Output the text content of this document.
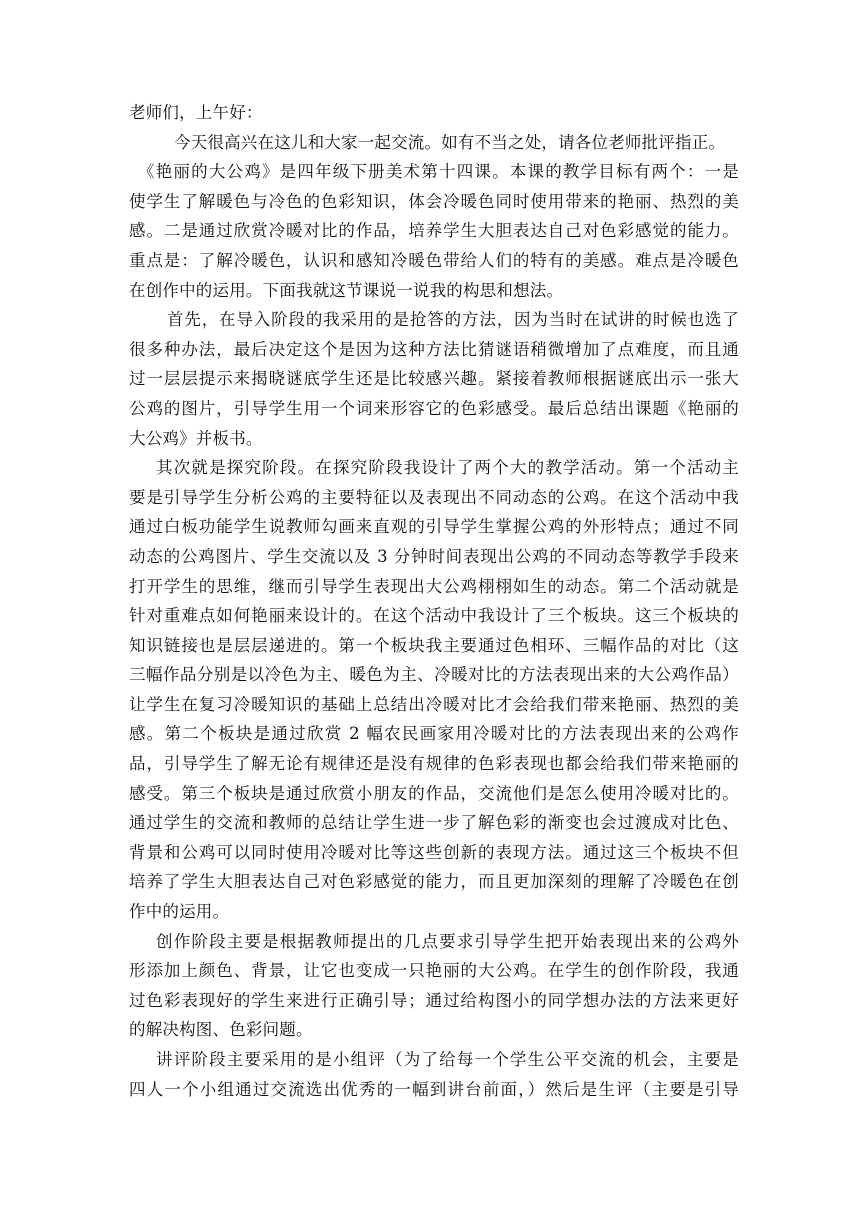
老师们，上午好：
今天很高兴在这儿和大家一起交流。如有不当之处，请各位老师批评指正。
《艳丽的大公鸡》是四年级下册美术第十四课。本课的教学目标有两个：一是
使学生了解暖色与冷色的色彩知识，体会冷暖色同时使用带来的艳丽、热烈的美
感。二是通过欣赏冷暖对比的作品，培养学生大胆表达自己对色彩感觉的能力。
重点是：了解冷暖色，认识和感知冷暖色带给人们的特有的美感。难点是冷暖色
在创作中的运用。下面我就这节课说一说我的构思和想法。
首先，在导入阶段的我采用的是抢答的方法，因为当时在试讲的时候也选了
很多种办法，最后决定这个是因为这种方法比猜谜语稍微增加了点难度，而且通
过一层层提示来揭晓谜底学生还是比较感兴趣。紧接着教师根据谜底出示一张大
公鸡的图片，引导学生用一个词来形容它的色彩感受。最后总结出课题《艳丽的
大公鸡》并板书。
其次就是探究阶段。在探究阶段我设计了两个大的教学活动。第一个活动主
要是引导学生分析公鸡的主要特征以及表现出不同动态的公鸡。在这个活动中我
通过白板功能学生说教师勾画来直观的引导学生掌握公鸡的外形特点；通过不同
动态的公鸡图片、学生交流以及 3 分钟时间表现出公鸡的不同动态等教学手段来
打开学生的思维，继而引导学生表现出大公鸡栩栩如生的动态。第二个活动就是
针对重难点如何艳丽来设计的。在这个活动中我设计了三个板块。这三个板块的
知识链接也是层层递进的。第一个板块我主要通过色相环、三幅作品的对比（这
三幅作品分别是以冷色为主、暖色为主、冷暖对比的方法表现出来的大公鸡作品）
让学生在复习冷暖知识的基础上总结出冷暖对比才会给我们带来艳丽、热烈的美
感。第二个板块是通过欣赏 2 幅农民画家用冷暖对比的方法表现出来的公鸡作
品，引导学生了解无论有规律还是没有规律的色彩表现也都会给我们带来艳丽的
感受。第三个板块是通过欣赏小朋友的作品，交流他们是怎么使用冷暖对比的。
通过学生的交流和教师的总结让学生进一步了解色彩的渐变也会过渡成对比色、
背景和公鸡可以同时使用冷暖对比等这些创新的表现方法。通过这三个板块不但
培养了学生大胆表达自己对色彩感觉的能力，而且更加深刻的理解了冷暖色在创
作中的运用。
创作阶段主要是根据教师提出的几点要求引导学生把开始表现出来的公鸡外
形添加上颜色、背景，让它也变成一只艳丽的大公鸡。在学生的创作阶段，我通
过色彩表现好的学生来进行正确引导；通过给构图小的同学想办法的方法来更好
的解决构图、色彩问题。
讲评阶段主要采用的是小组评（为了给每一个学生公平交流的机会，主要是
四人一个小组通过交流选出优秀的一幅到讲台前面，）然后是生评（主要是引导
